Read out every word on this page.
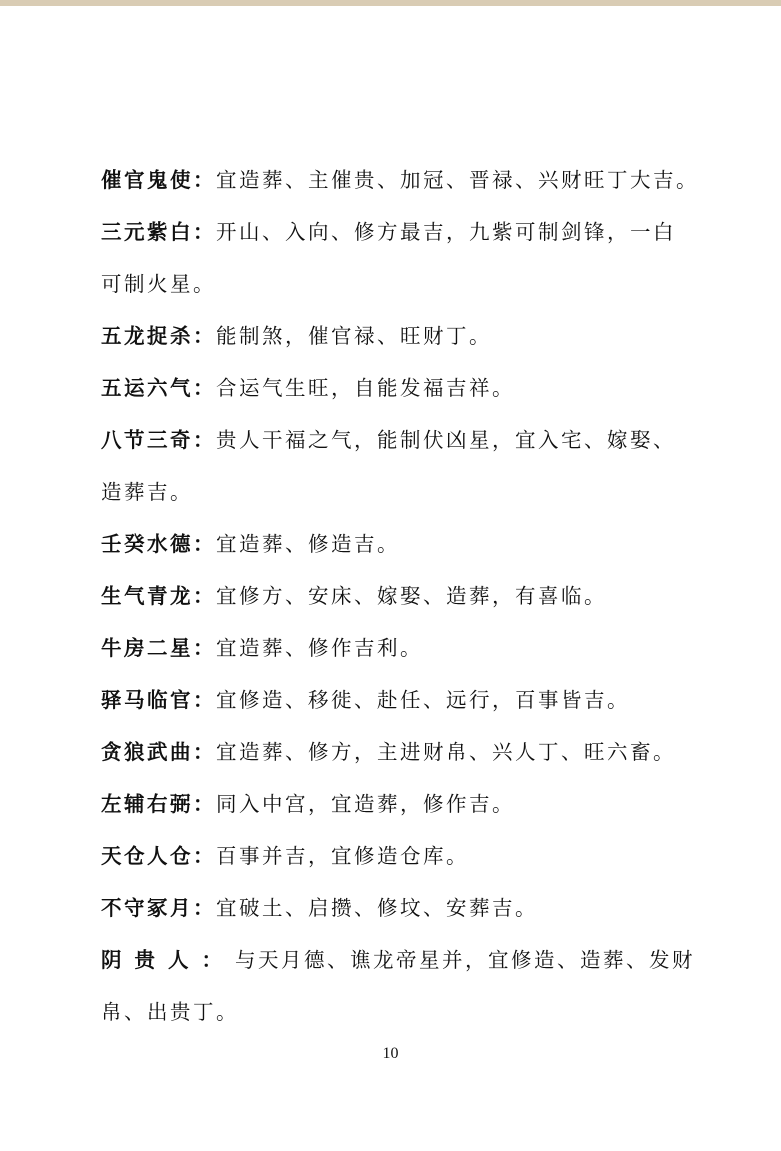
催官鬼使：宜造葬、主催贵、加冠、晋禄、兴财旺丁大吉。
三元紫白：开山、入向、修方最吉，九紫可制剑锋，一白
可制火星。
五龙捉杀：能制煞，催官禄、旺财丁。
五运六气：合运气生旺，自能发福吉祥。
八节三奇：贵人干福之气，能制伏凶星，宜入宅、嫁娶、
造葬吉。
壬癸水德：宜造葬、修造吉。
生气青龙：宜修方、安床、嫁娶、造葬，有喜临。
牛房二星：宜造葬、修作吉利。
驿马临官：宜修造、移徙、赴任、远行，百事皆吉。
贪狼武曲：宜造葬、修方，主进财帛、兴人丁、旺六畜。
左辅右弼：同入中宫，宜造葬，修作吉。
天仓人仓：百事并吉，宜修造仓库。
不守冢月：宜破土、启攒、修坟、安葬吉。
阴贵人：与天月德、谯龙帝星并，宜修造、造葬、发财
帛、出贵丁。
10
